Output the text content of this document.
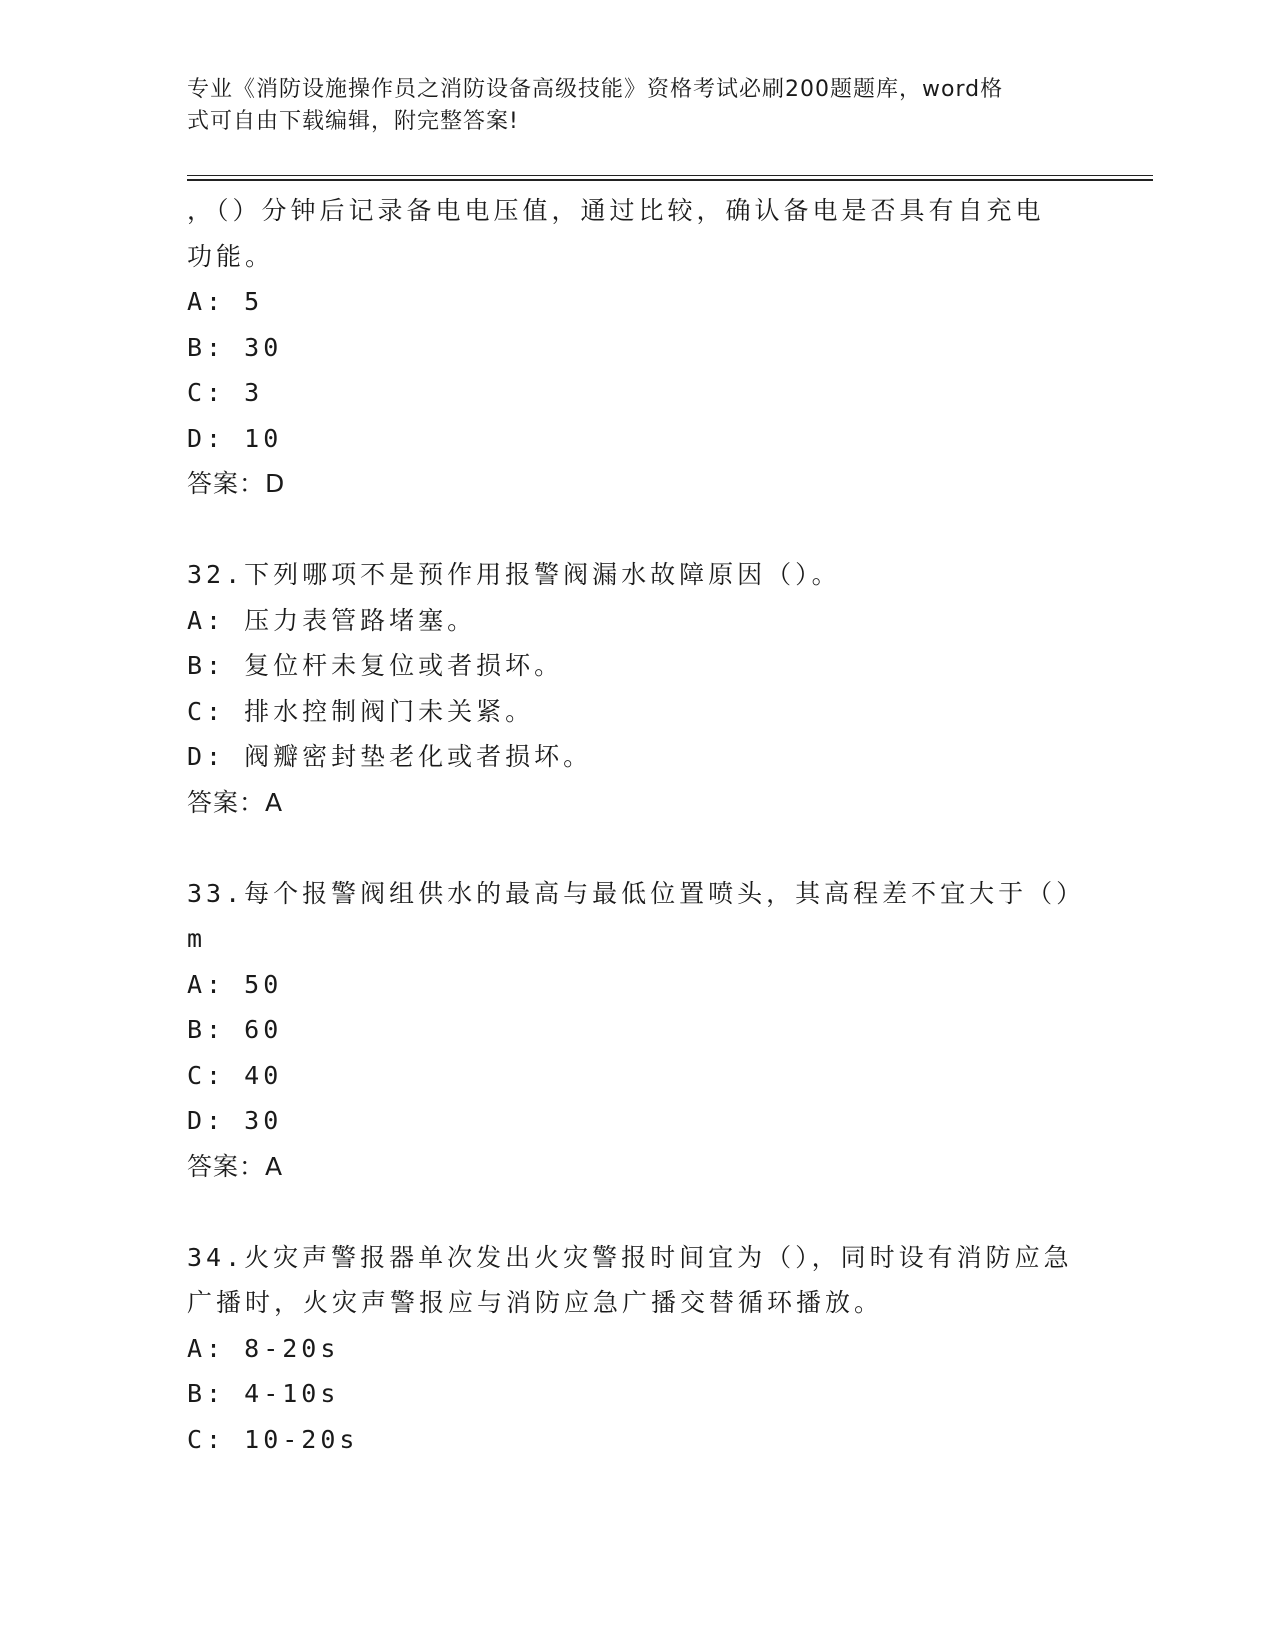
专业《消防设施操作员之消防设备高级技能》资格考试必刷200题题库，word格
式可自由下载编辑，附完整答案!
，（）分钟后记录备电电压值，通过比较，确认备电是否具有自充电
功能。
A: 5
B: 30
C: 3
D: 10
答案：D
32.下列哪项不是预作用报警阀漏水故障原因（）。
A: 压力表管路堵塞。
B: 复位杆未复位或者损坏。
C: 排水控制阀门未关紧。
D: 阀瓣密封垫老化或者损坏。
答案：A
33.每个报警阀组供水的最高与最低位置喷头，其高程差不宜大于（）
m
A: 50
B: 60
C: 40
D: 30
答案：A
34.火灾声警报器单次发出火灾警报时间宜为（），同时设有消防应急
广播时，火灾声警报应与消防应急广播交替循环播放。
A: 8-20s
B: 4-10s
C: 10-20s
